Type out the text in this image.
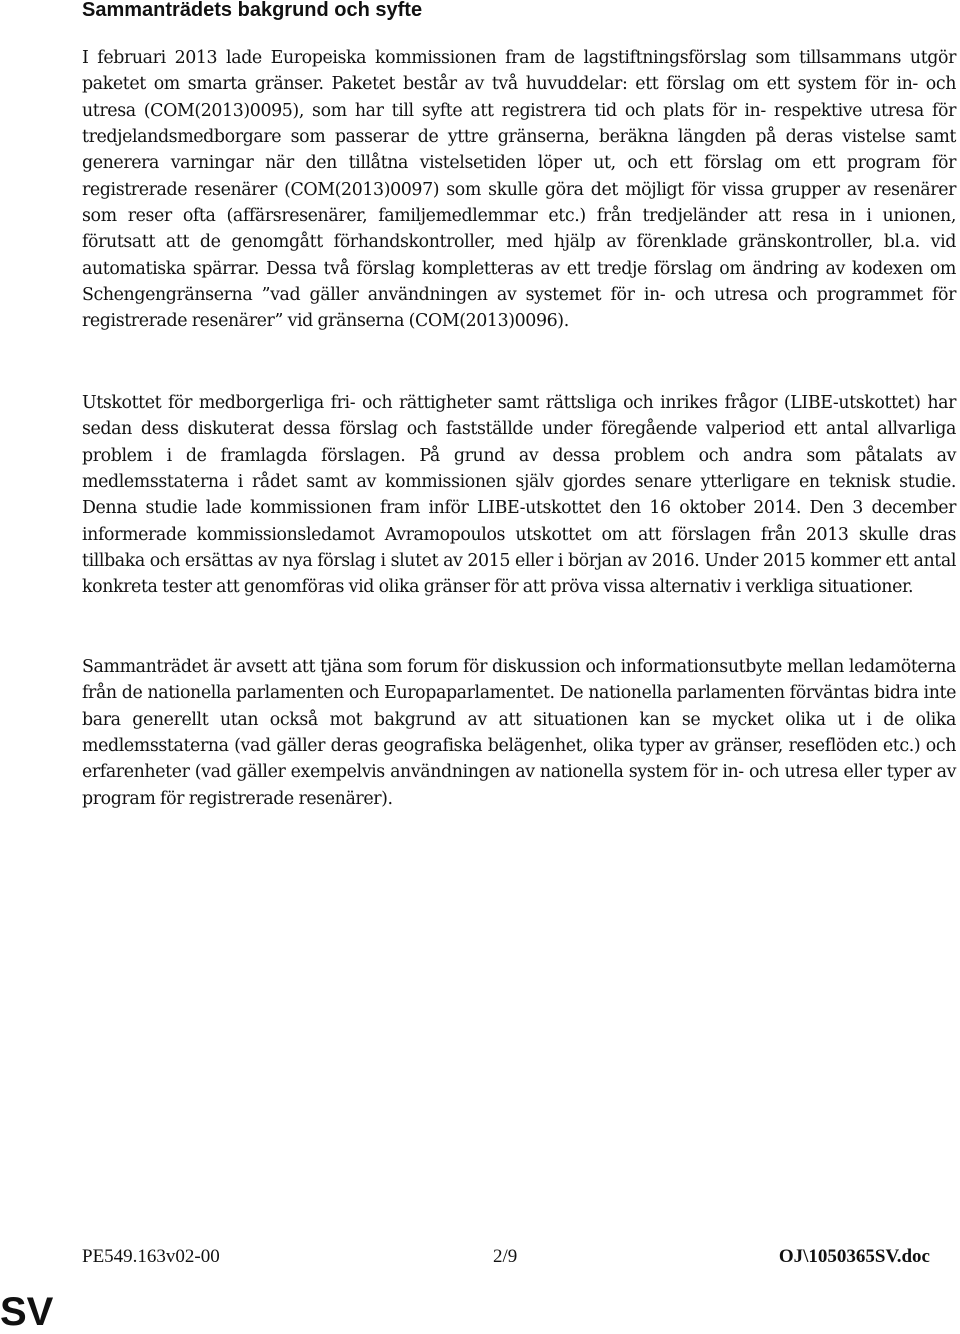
Sammanträdets bakgrund och syfte

I februari 2013 lade Europeiska kommissionen fram de lagstiftningsförslag som tillsammans utgör paketet om smarta gränser. Paketet består av två huvuddelar: ett förslag om ett system för in- och utresa (COM(2013)0095), som har till syfte att registrera tid och plats för in- respektive utresa för tredjelandsmedborgare som passerar de yttre gränserna, beräkna längden på deras vistelse samt generera varningar när den tillåtna vistelsetiden löper ut, och ett förslag om ett program för registrerade resenärer (COM(2013)0097) som skulle göra det möjligt för vissa grupper av resenärer som reser ofta (affärsresenärer, familjemedlemmar etc.) från tredjeländer att resa in i unionen, förutsatt att de genomgått förhandskontroller, med hjälp av förenklade gränskontroller, bl.a. vid automatiska spärrar. Dessa två förslag kompletteras av ett tredje förslag om ändring av kodexen om Schengengränserna ”vad gäller användningen av systemet för in- och utresa och programmet för registrerade resenärer” vid gränserna (COM(2013)0096).

Utskottet för medborgerliga fri- och rättigheter samt rättsliga och inrikes frågor (LIBE-utskottet) har sedan dess diskuterat dessa förslag och fastställde under föregående valperiod ett antal allvarliga problem i de framlagda förslagen. På grund av dessa problem och andra som påtalats av medlemsstaterna i rådet samt av kommissionen själv gjordes senare ytterligare en teknisk studie. Denna studie lade kommissionen fram inför LIBE-utskottet den 16 oktober 2014. Den 3 december informerade kommissionsledamot Avramopoulos utskottet om att förslagen från 2013 skulle dras tillbaka och ersättas av nya förslag i slutet av 2015 eller i början av 2016. Under 2015 kommer ett antal konkreta tester att genomföras vid olika gränser för att pröva vissa alternativ i verkliga situationer.

Sammanträdet är avsett att tjäna som forum för diskussion och informationsutbyte mellan ledamöterna från de nationella parlamenten och Europaparlamentet. De nationella parlamenten förväntas bidra inte bara generellt utan också mot bakgrund av att situationen kan se mycket olika ut i de olika medlemsstaterna (vad gäller deras geografiska belägenhet, olika typer av gränser, reseflöden etc.) och erfarenheter (vad gäller exempelvis användningen av nationella system för in- och utresa eller typer av program för registrerade resenärer).

PE549.163v02-00	2/9	OJ\1050365SV.doc
SV
